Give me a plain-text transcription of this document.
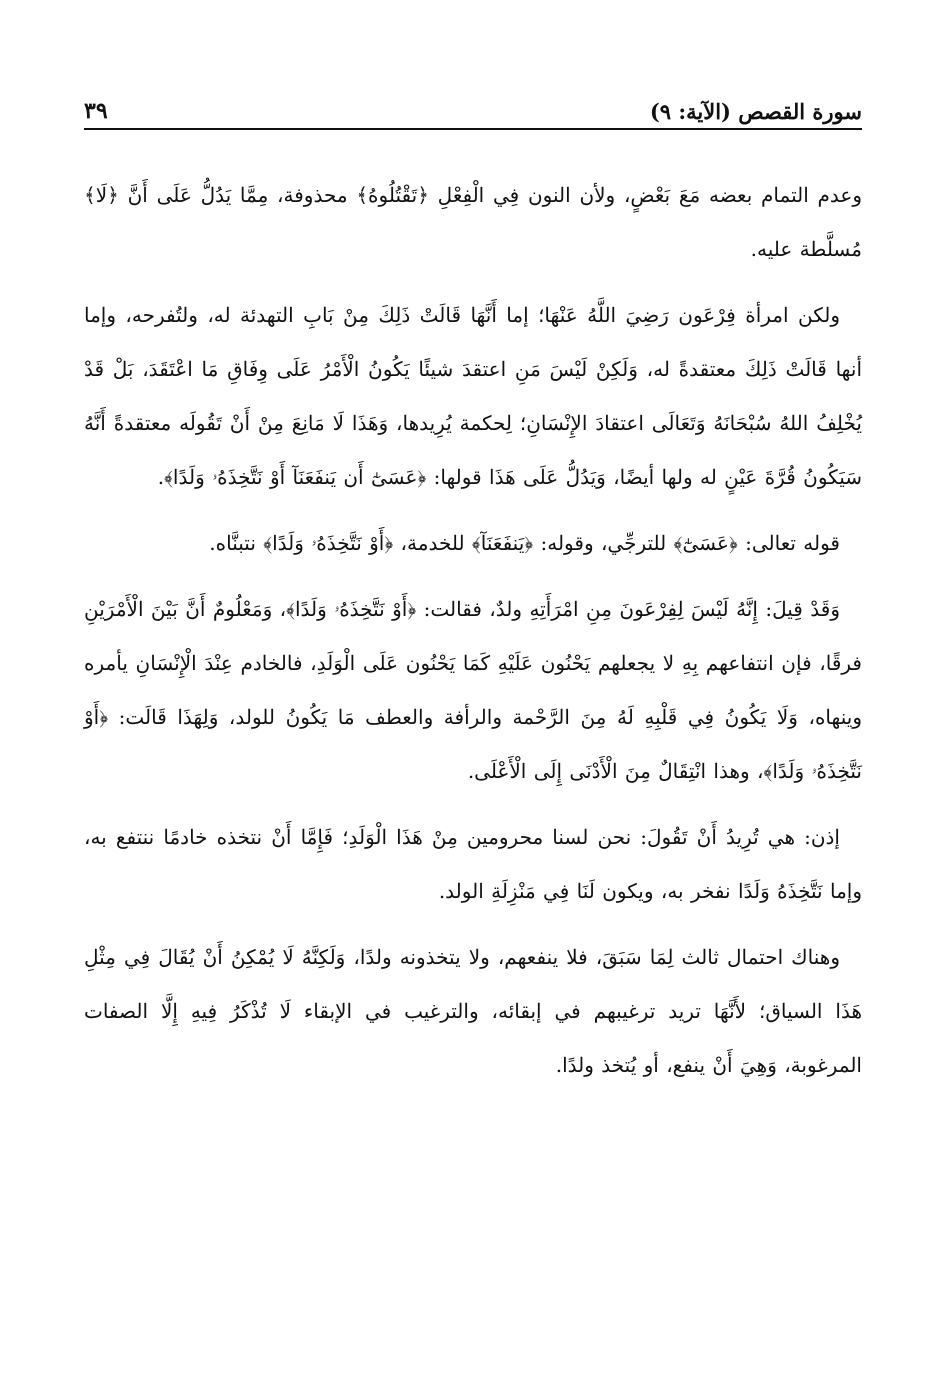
سورة القصص (الآية: ٩)
٣٩

وعدم التمام بعضه مَعَ بَعْضٍ، ولأن النون فِي الْفِعْلِ ﴿تَقْتُلُوهُ﴾ محذوفة، مِمَّا يَدُلُّ عَلَى أَنَّ ﴿لَا﴾ مُسلَّطة عليه.

ولكن امرأة فِرْعَون رَضِيَ اللَّهُ عَنْهَا؛ إما أَنَّهَا قَالَتْ ذَلِكَ مِنْ بَابِ التهدئة له، ولتُفرحه، وإما أنها قَالَتْ ذَلِكَ معتقدةً له، وَلَكِنْ لَيْسَ مَنِ اعتقدَ شيئًا يَكُونُ الْأَمْرُ عَلَى وِفَاقِ مَا اعْتَقَدَ، بَلْ قَدْ يُخْلِفُ اللهُ سُبْحَانَهُ وَتَعَالَى اعتقادَ الإِنْسَانِ؛ لِحكمة يُرِيدها، وَهَذَا لَا مَانِعَ مِنْ أَنْ تَقُولَه معتقدةً أَنَّهُ سَيَكُونُ قُرَّةَ عَيْنٍ له ولها أيضًا، وَيَدُلُّ عَلَى هَذَا قولها: ﴿عَسَىٰٓ أَن يَنفَعَنَآ أَوْ نَتَّخِذَهُۥ وَلَدًا﴾.

قوله تعالى: ﴿عَسَىٰٓ﴾ للترجِّي، وقوله: ﴿يَنفَعَنَآ﴾ للخدمة، ﴿أَوْ نَتَّخِذَهُۥ وَلَدًا﴾ نتبنَّاه.

وَقَدْ قِيلَ: إِنَّهُ لَيْسَ لِفِرْعَونَ مِنِ امْرَأَتِهِ ولدٌ، فقالت: ﴿أَوْ نَتَّخِذَهُۥ وَلَدًا﴾، وَمَعْلُومٌ أَنَّ بَيْنَ الْأَمْرَيْنِ فرقًا، فإن انتفاعهم بِهِ لا يجعلهم يَحْنُون عَلَيْهِ كَمَا يَحْنُون عَلَى الْوَلَدِ، فالخادم عِنْدَ الْإِنْسَانِ يأمره وينهاه، وَلَا يَكُونُ فِي قَلْبِهِ لَهُ مِنَ الرَّحْمة والرأفة والعطف مَا يَكُونُ للولد، وَلِهَذَا قَالَت: ﴿أَوْ نَتَّخِذَهُۥ وَلَدًا﴾، وهذا انْتِقَالٌ مِنَ الْأَدْنَى إِلَى الْأَعْلَى.

إذن: هي تُرِيدُ أَنْ تَقُولَ: نحن لسنا محرومين مِنْ هَذَا الْوَلَدِ؛ فَإِمَّا أَنْ نتخذه خادمًا ننتفع به، وإما نَتَّخِذَهُ وَلَدًا نفخر به، ويكون لَنَا فِي مَنْزِلَةِ الولد.

وهناك احتمال ثالث لِمَا سَبَقَ، فلا ينفعهم، ولا يتخذونه ولدًا، وَلَكِنَّهُ لَا يُمْكِنُ أَنْ يُقَالَ فِي مِثْلِ هَذَا السياق؛ لأَنَّهَا تريد ترغيبهم في إبقائه، والترغيب في الإبقاء لَا تُذْكَرُ فِيهِ إِلَّا الصفات المرغوبة، وَهِيَ أَنْ ينفع، أو يُتخذ ولدًا.
